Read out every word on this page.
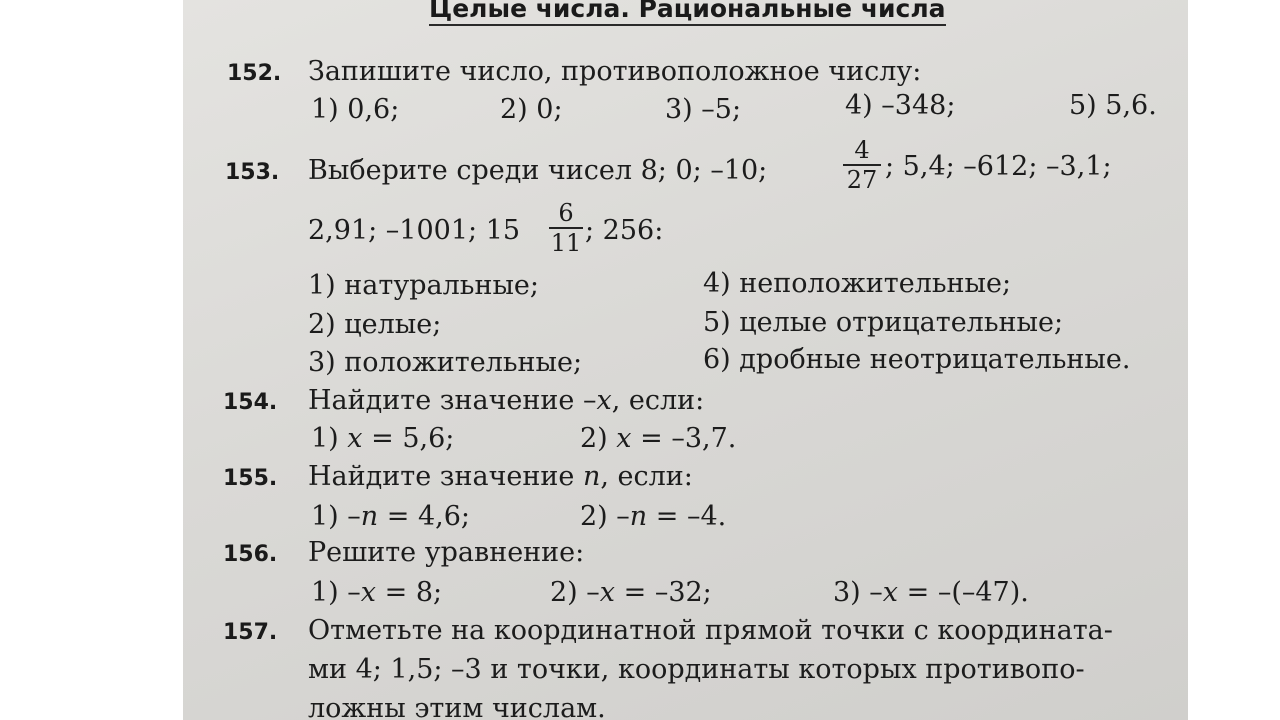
Целые числа. Рациональные числа
152. Запишите число, противоположное числу:
1) 0,6;	2) 0;	3) –5;	4) –348;	5) 5,6.
153. Выберите среди чисел 8; 0; –10;
4
27 ; 5,4; –612; –3,1;
2,91; –1001; 15
6
11 ; 256:
1) натуральные;
2) целые;
3) положительные;
4) неположительные;
5) целые отрицательные;
6) дробные неотрицательные.
154. Найдите значение –x, если:
1) x = 5,6;	2) x = –3,7.
155. Найдите значение n, если:
1) –n = 4,6;	2) –n = –4.
156. Решите уравнение:
1) –x = 8;	2) –x = –32;	3) –x = –(–47).
157. Отметьте на координатной прямой точки с координата-
ми 4; 1,5; –3 и точки, координаты которых противопо-
ложны этим числам.
